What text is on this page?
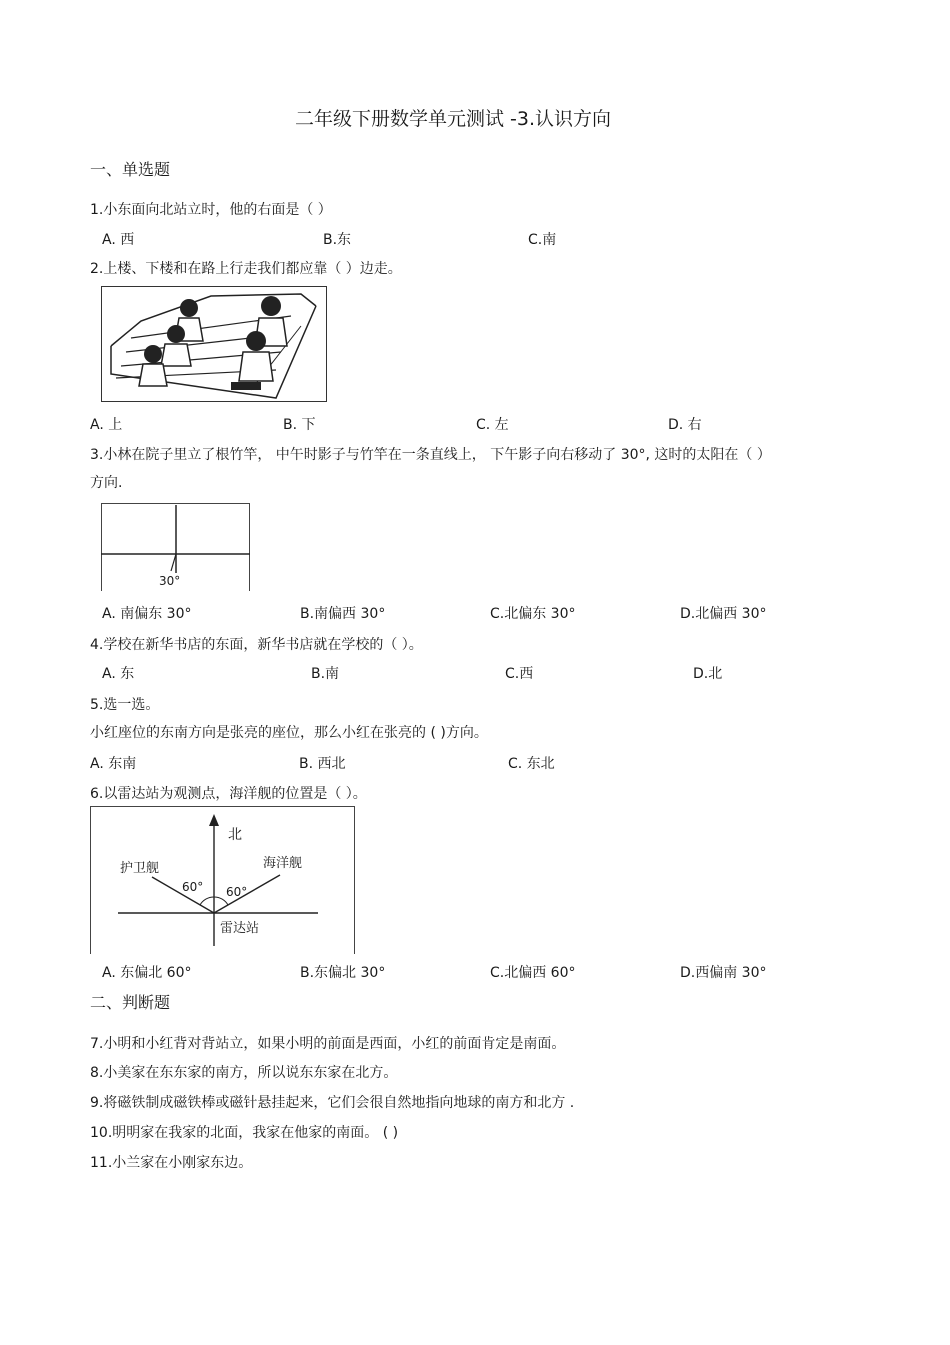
二年级下册数学单元测试 -3.认识方向
一、单选题
1.小东面向北站立时，他的右面是（ ）
A. 西	B.东	C.南
2.上楼、下楼和在路上行走我们都应靠（ ）边走。
A. 上	B. 下	C. 左	D. 右
3.小林在院子里立了根竹竿， 中午时影子与竹竿在一条直线上， 下午影子向右移动了 30°, 这时的太阳在（ ）
方向.
30°
A. 南偏东 30°	B.南偏西 30°	C.北偏东 30°	D.北偏西 30°
4.学校在新华书店的东面，新华书店就在学校的（ ）。
A. 东	B.南	C.西	D.北
5.选一选。
小红座位的东南方向是张亮的座位，那么小红在张亮的 ( )方向。
A. 东南	B. 西北	C. 东北
6.以雷达站为观测点，海洋舰的位置是（ ）。
北
护卫舰	海洋舰
60° 60°
雷达站
A. 东偏北 60°	B.东偏北 30°	C.北偏西 60°	D.西偏南 30°
二、判断题
7.小明和小红背对背站立，如果小明的前面是西面，小红的前面肯定是南面。
8.小美家在东东家的南方，所以说东东家在北方。
9.将磁铁制成磁铁棒或磁针悬挂起来，它们会很自然地指向地球的南方和北方 .
10.明明家在我家的北面，我家在他家的南面。 ( )
11.小兰家在小刚家东边。
